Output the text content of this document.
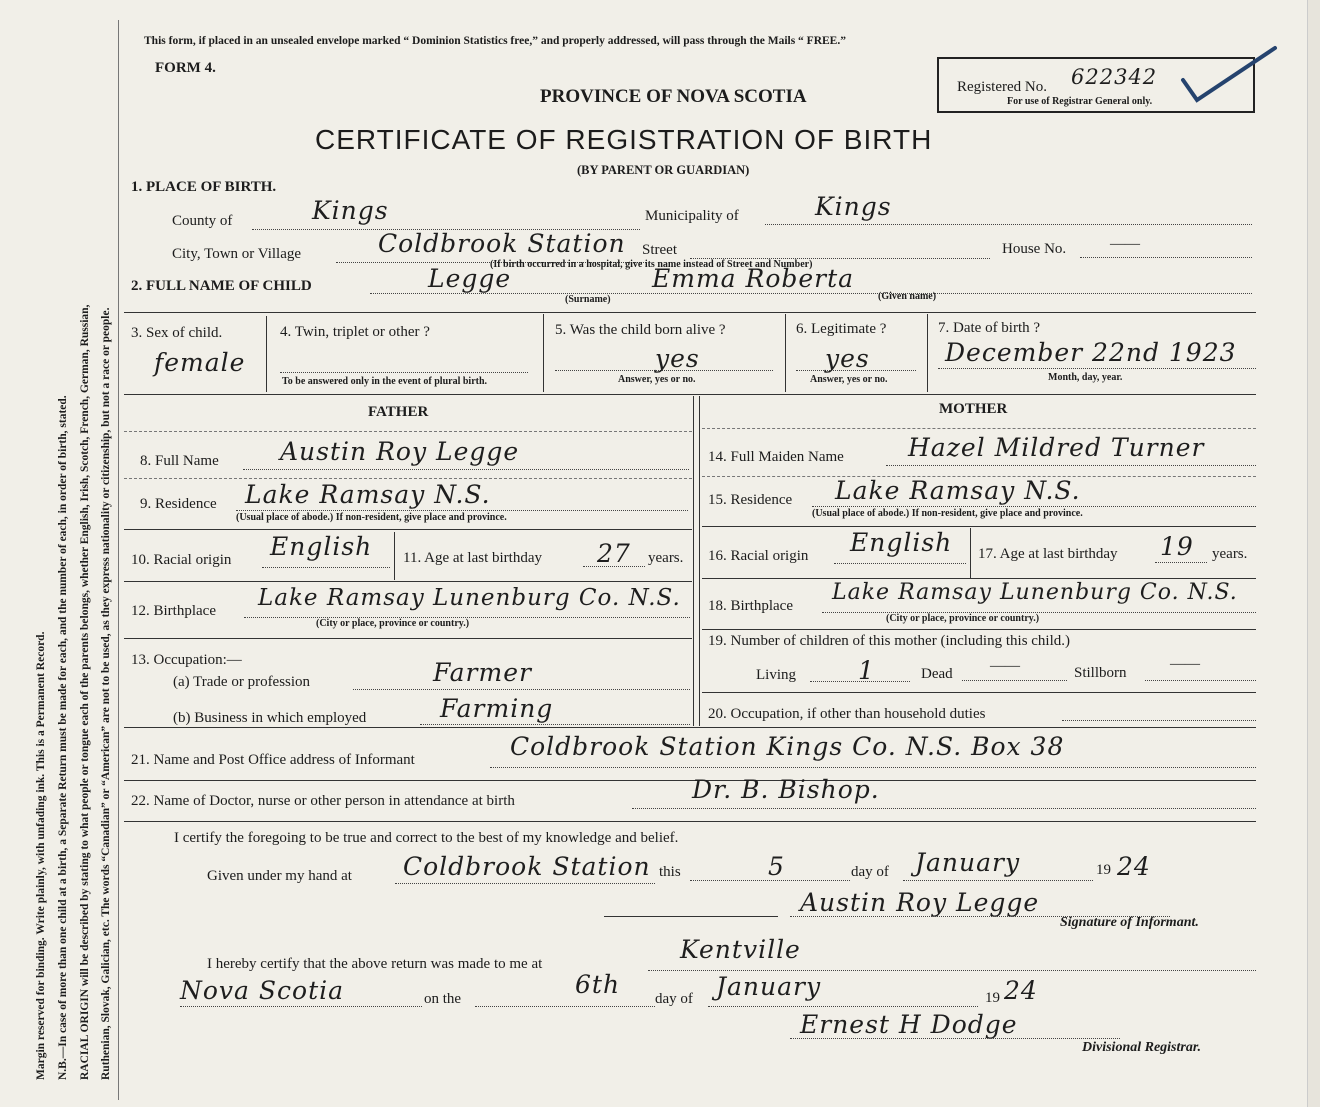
Margin reserved for binding. Write plainly, with unfading ink. This is a Permanent Record. N.B.—In case of more than one child at a birth, a Separate Return must be made for each, and the number of each, in order of birth, stated. RACIAL ORIGIN will be described by stating to what people or tongue each of the parents belongs, whether English, Irish, Scotch, French, German, Russian, Ruthenian, Slovak, Galician, etc. The words “Canadian” or “American” are not to be used, as they express nationality or citizenship, but not a race or people.
This form, if placed in an unsealed envelope marked “ Dominion Statistics free,” and properly addressed, will pass through the Mails “ FREE.”
FORM 4.
Registered No. 622342
For use of Registrar General only.
PROVINCE OF NOVA SCOTIA
CERTIFICATE OF REGISTRATION OF BIRTH
(BY PARENT OR GUARDIAN)
1. PLACE OF BIRTH.
County of	Kings	Municipality of	Kings
City, Town or Village	Coldbrook Station Street
(If birth occurred in a hospital, give its name instead of Street and Number)
House No.	——
2. FULL NAME OF CHILD	Legge	Emma Roberta
(Surname)	(Given name)
3. Sex of child.
female
4. Twin, triplet or other ?
To be answered only in the event of plural birth.
5. Was the child born alive ?
yes
Answer, yes or no.
6. Legitimate ?
yes
Answer, yes or no.
7. Date of birth ?
December 22nd 1923
Month, day, year.
FATHER	MOTHER
8. Full Name Austin Roy Legge
9. Residence Lake Ramsay N.S.
(Usual place of abode.) If non-resident, give place and province.
10. Racial origin English 11. Age at last birthday 27 years.
12. Birthplace Lake Ramsay Lunenburg Co. N.S.
(City or place, province or country.)
13. Occupation:—
(a) Trade or profession	Farmer
(b) Business in which employed	Farming
14. Full Maiden Name	Hazel Mildred Turner
15. Residence Lake Ramsay N.S.
(Usual place of abode.) If non-resident, give place and province.
16. Racial origin English 17. Age at last birthday 19 years.
18. Birthplace
Lake Ramsay Lunenburg Co. N.S.
(City or place, province or country.)
19. Number of children of this mother (including this child.)
Living 1	Dead ——	Stillborn
——
20. Occupation, if other than household duties
21. Name and Post Office address of Informant	Coldbrook Station Kings Co. N.S. Box 38
22. Name of Doctor, nurse or other person in attendance at birth	Dr. B. Bishop.
I certify the foregoing to be true and correct to the best of my knowledge and belief.
Given under my hand at Coldbrook Station this	5	day of January	19 24
Austin Roy Legge
Signature of Informant.
I hereby certify that the above return was made to me at	Kentville
Nova Scotia	on the	6th day of January	19 24
Ernest H Dodge
Divisional Registrar.
